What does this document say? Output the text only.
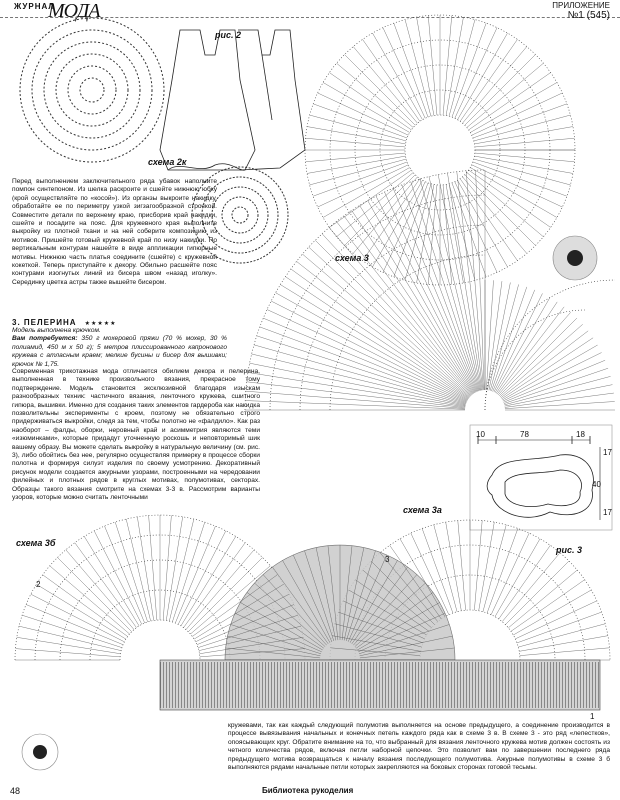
ЖУРНАЛ
МОДА	ПРИЛОЖЕНИЕ
№1 (545)
рис. 2
схема 2к
схема 3
схема 3а
схема 3б
рис. 3
10	78	18
17
40
17
1
2
3
Перед выполнением заключительного ряда убавок наполните помпон синтепоном. Из шелка раскроите и сшейте нижнюю юбку (крой осуществляйте по «косой»). Из органзы выкроите накидку, обработайте ее по периметру узкой зигзагообразной строчкой. Совместите детали по верхнему краю, присборив край накидки, сшейте и посадите на пояс. Для кружевного края выполните выкройку из плотной ткани и на ней соберите композицию из мотивов. Пришейте готовый кружевной край по низу накидки. По вертикальным контурам нашейте в виде аппликации гипюрные мотивы. Нижнюю часть платья соедините (сшейте) с кружевной кокеткой. Теперь приступайте к декору. Обильно расшейте пояс контурами изогнутых линий из бисера швом «назад иголку». Серединку цветка астры также вышейте бисером.
3. ПЕЛЕРИНА ★★★★★
Модель выполнена крючком.
Вам потребуется: 350 г мохеровой пряжи (70 % мохер, 30 % полиамид, 450 м x 50 г); 5 метров плиссированного капронового кружева с атласным краем; мелкие бусины и бисер для вышивки; крючок № 1,75.
Современная трикотажная мода отличается обилием декора и пелерина, выполненная в технике произвольного вязания, прекрасное тому подтверждение. Модель становится эксклюзивной благодаря изыскам разнообразных техник: частичного вязания, ленточного кружева, сшитного гипюра, вышивки. Именно для создания таких элементов гардероба как накидка позволительны эксперименты с кроем, поэтому не обязательно строго придерживаться выкройки, следя за тем, чтобы полотно не «фалдило». Как раз наоборот – фалды, оборки, неровный край и асимметрия являются теми «изюминками», которые придадут уточненную роскошь и неповторимый шик вашему образу. Вы можете сделать выкройку в натуральную величину (см. рис. 3), либо обойтись без нее, регулярно осуществляя примерку в процессе сборки полотна и формируя силуэт изделия по своему усмотрению. Декоративный рисунок модели создается ажурными узорами, построенными на чередовании филейных и плотных рядов в круглых мотивах, полумотивах, секторах. Образцы такого вязания смотрите на схемах 3-3 в. Рассмотрим варианты узоров, которые можно считать ленточными
кружевами, так как каждый следующий полумотив выполняется на основе предыдущего, а соединение производится в процессе вывязывания начальных и конечных петель каждого ряда как в схеме 3 в. В схеме 3 - это ряд «лепестков», опоясывающих круг. Обратите внимание на то, что выбранный для вязания ленточного кружева мотив должен состоять из четного количества рядов, включая петли наборной цепочки. Это позволит вам по завершении последнего ряда предыдущего мотива возвращаться к началу вязания последующего полумотива. Ажурные полумотивы в схеме 3 б выполняются рядами начальные петли которых закрепляются на боковых сторонах готовой тесьмы.
48	Библиотека рукоделия
